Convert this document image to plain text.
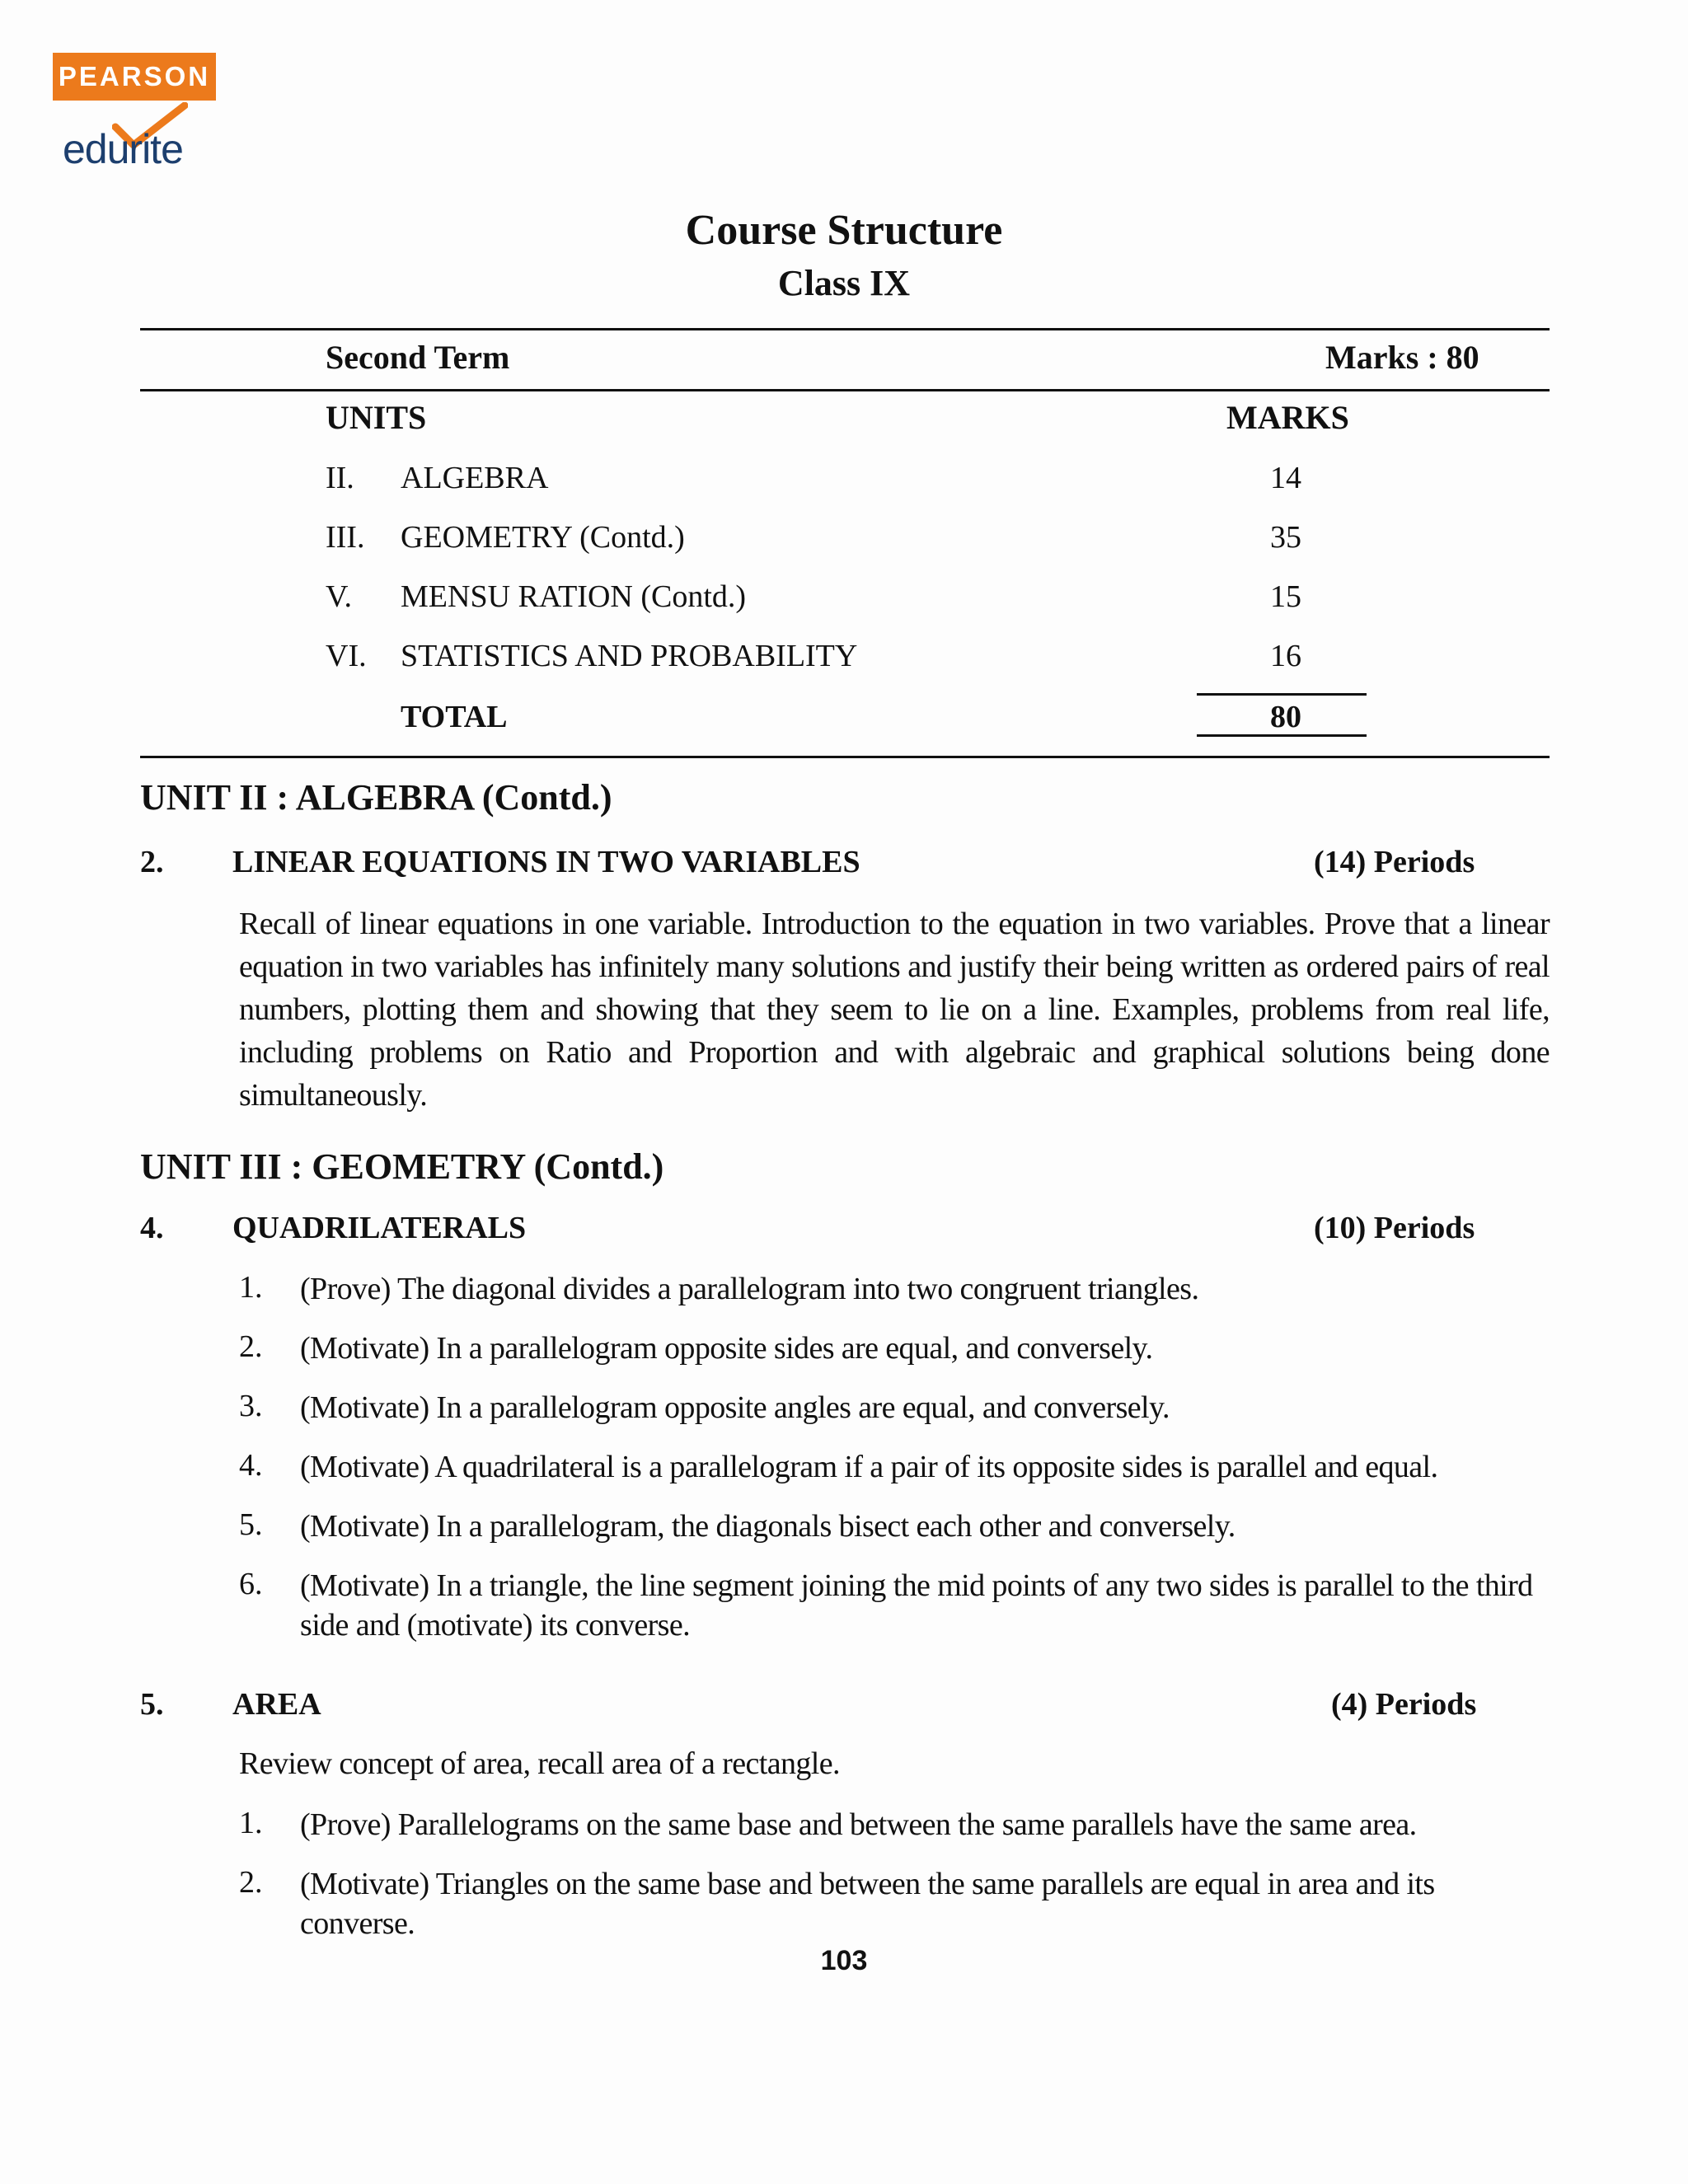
PEARSON
edurite
Course Structure
Class IX
Second Term	Marks : 80
UNITS	MARKS
II. ALGEBRA	14
III. GEOMETRY (Contd.)	35
V. MENSU RATION (Contd.)	15
VI. STATISTICS AND PROBABILITY	16
TOTAL	80
UNIT II : ALGEBRA (Contd.)
2. LINEAR EQUATIONS IN TWO VARIABLES	(14) Periods
Recall of linear equations in one variable. Introduction to the equation in two variables. Prove that a linear equation in two variables has infinitely many solutions and justify their being written as ordered pairs of real numbers, plotting them and showing that they seem to lie on a line. Examples, problems from real life, including problems on Ratio and Proportion and with algebraic and graphical solutions being done simultaneously.
UNIT III : GEOMETRY (Contd.)
4. QUADRILATERALS	(10) Periods
1. (Prove) The diagonal divides a parallelogram into two congruent triangles.
2. (Motivate) In a parallelogram opposite sides are equal, and conversely.
3. (Motivate) In a parallelogram opposite angles are equal, and conversely.
4. (Motivate) A quadrilateral is a parallelogram if a pair of its opposite sides is parallel and equal.
5. (Motivate) In a parallelogram, the diagonals bisect each other and conversely.
6. (Motivate) In a triangle, the line segment joining the mid points of any two sides is parallel to the third side and (motivate) its converse.
5. AREA	(4) Periods
Review concept of area, recall area of a rectangle.
1. (Prove) Parallelograms on the same base and between the same parallels have the same area.
2. (Motivate) Triangles on the same base and between the same parallels are equal in area and its converse.
103
